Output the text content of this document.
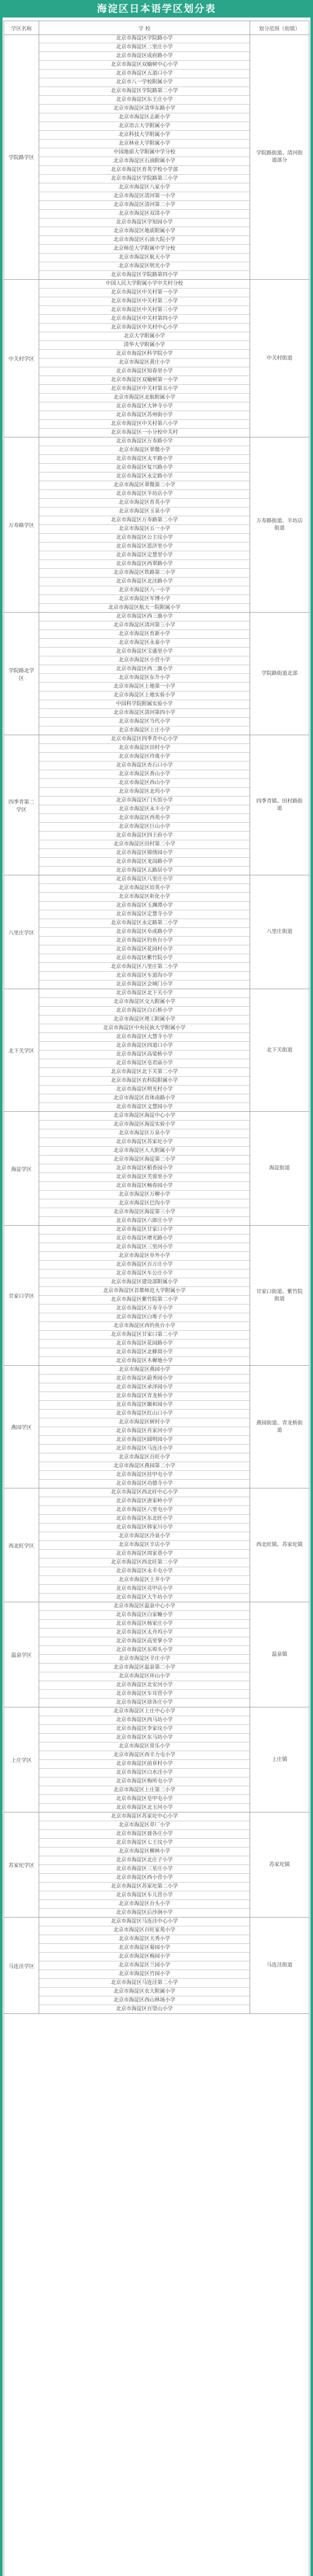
海淀区日本语学区划分表
学区名称	学 校	划分范围（街镇）
学院路学区
北京市海淀区学院路小学
北京市海淀区二里庄小学
北京市海淀区成府路小学
北京市海淀区双榆树中心小学
北京市海淀区五道口小学
北京市八一学校附属小学
北京市海淀区学院路第二小学
北京市海淀区东王庄小学
北京市海淀区清华东路小学
北京市海淀区志新小学
北京语言大学附属小学
北京科技大学附属小学
北京林业大学附属小学
中国地质大学附属中学分校
北京市海淀区石油附属小学
北京市海淀区育英学校小学部
北京市海淀区学院路第三小学
北京市海淀区八家小学
北京市海淀区清河第一小学
北京市海淀区清河第二小学
北京市海淀区双清小学
北京市海淀区学知园小学
北京市海淀区地质附属小学
北京市海淀区石油大院小学
北京师范大学附属中学分校
北京市海淀区航天小学
北京市海淀区明光小学
北京市海淀区学院路第四小学
学院路街道、清河街道部分
中关村学区
中国人民大学附属小学中关村分校
北京市海淀区中关村第一小学
北京市海淀区中关村第二小学
北京市海淀区中关村第三小学
北京市海淀区中关村第四小学
北京市海淀区中关村中心小学
北京大学附属小学
清华大学附属小学
北京市海淀区科学院小学
北京市海淀区黄庄小学
北京市海淀区知春里小学
北京市海淀区双榆树第一小学
北京市海淀区中关村第五小学
北京市海淀区北航附属小学
北京市海淀区大钟寺小学
北京市海淀区苏州街小学
北京市海淀区中关村第六小学
北京市海淀区一小分校中关村
中关村街道
万寿路学区
北京市海淀区万寿路小学
北京市海淀区翠微小学
北京市海淀区太平路小学
北京市海淀区复兴路小学
北京市海淀区永定路小学
北京市海淀区翠微第二小学
北京市海淀区羊坊店小学
北京市海淀区育英小学
北京市海淀区玉泉小学
北京市海淀区万寿路第二小学
北京市海淀区五一小学
北京市海淀区公主坟小学
北京市海淀区恩济里小学
北京市海淀区定慧里小学
北京市海淀区西翠路小学
北京市海淀区铁路第二小学
北京市海淀区北洼路小学
北京市海淀区八一小学
北京市海淀区军博小学
北京市海淀区航天一院附属小学
万寿路街道、羊坊店街道
学院路北学区
北京市海淀区西三旗小学
北京市海淀区清河第三小学
北京市海淀区育新小学
北京市海淀区永泰小学
北京市海淀区宝盛里小学
北京市海淀区小营小学
北京市海淀区西二旗小学
北京市海淀区东升小学
北京市海淀区上地第一小学
北京市海淀区上地实验小学
中国科学院附属实验小学
北京市海淀区清河第四小学
北京市海淀区当代小学
北京市海淀区上庄小学
学院路街道北部
四季青第二学区
北京市海淀区四季青中心小学
北京市海淀区田村小学
北京市海淀区玲珑小学
北京市海淀区杏石口小学
北京市海淀区香山小学
北京市海淀区西山小学
北京市海淀区北坞小学
北京市海淀区门头馆小学
北京市海淀区永丰小学
北京市海淀区西苑小学
北京市海淀区巨山小学
北京市海淀区四王府小学
北京市海淀区田村第二小学
北京市海淀区锦绣园小学
北京市海淀区龙岗路小学
北京市海淀区五路居小学
四季青镇、田村路街道
八里庄学区
北京市海淀区八里庄小学
北京市海淀区培英小学
北京市海淀区彰化小学
北京市海淀区玉渊潭小学
北京市海淀区定慧寺小学
北京市海淀区永定路第二小学
北京市海淀区阜成路小学
北京市海淀区钓鱼台小学
北京市海淀区花园村小学
北京市海淀区紫竹院小学
北京市海淀区八里庄第二小学
北京市海淀区车道沟小学
北京市海淀区会城门小学
八里庄街道
北下关学区
北京市海淀区北下关小学
北京市海淀区交大附属小学
北京市海淀区白石桥小学
北京市海淀区理工附属小学
北京市海淀区中央民族大学附属小学
北京市海淀区大慧寺小学
北京市海淀区四道口小学
北京市海淀区高梁桥小学
北京市海淀区皂君庙小学
北京市海淀区北下关第二小学
北京市海淀区农科院附属小学
北京市海淀区明光村小学
北京市海淀区首体南路小学
北京市海淀区文慧园小学
北下关街道
海淀学区
北京市海淀区海淀中心小学
北京市海淀区海淀实验小学
北京市海淀区万泉小学
北京市海淀区苏家坨小学
北京市海淀区人大附属小学
北京市海淀区海淀第二小学
北京市海淀区稻香园小学
北京市海淀区芙蓉里小学
北京市海淀区畅春园小学
北京市海淀区万柳小学
北京市海淀区巴沟小学
北京市海淀区海淀第三小学
北京市海淀区六郎庄小学
海淀街道
甘家口学区
北京市海淀区甘家口小学
北京市海淀区增光路小学
北京市海淀区三里河小学
北京市海淀区阜外小学
北京市海淀区百万庄小学
北京市海淀区车公庄小学
北京市海淀区建设部附属小学
北京市海淀区首都师范大学附属小学
北京市海淀区紫竹院第二小学
北京市海淀区万寿寺小学
北京市海淀区白堆子小学
北京市海淀区西钓鱼台小学
北京市海淀区甘家口第二小学
北京市海淀区花园路小学
北京市海淀区北蜂窝小学
北京市海淀区木樨地小学
甘家口街道、紫竹院街道
燕园学区
北京市海淀区燕园小学
北京市海淀区蔚秀园小学
北京市海淀区承泽园小学
北京市海淀区青龙桥小学
北京市海淀区颐和园小学
北京市海淀区红山口小学
北京市海淀区树村小学
北京市海淀区肖家河小学
北京市海淀区圆明园小学
北京市海淀区马连洼小学
北京市海淀区百旺小学
北京市海淀区燕园第二小学
北京市海淀区挂甲屯小学
北京市海淀区功德寺小学
燕园街道、青龙桥街道
西北旺学区
北京市海淀区西北旺中心小学
北京市海淀区唐家岭小学
北京市海淀区六里屯小学
北京市海淀区东北旺小学
北京市海淀区韩家川小学
北京市海淀区冷泉小学
北京市海淀区辛店小学
北京市海淀区周家巷小学
北京市海淀区西北旺第二小学
北京市海淀区永丰屯小学
北京市海淀区土井小学
北京市海淀区亮甲店小学
北京市海淀区大牛坊小学
西北旺镇、苏家坨镇
温泉学区
北京市海淀区温泉中心小学
北京市海淀区白家疃小学
北京市海淀区杨家庄小学
北京市海淀区太舟坞小学
北京市海淀区高里掌小学
北京市海淀区东埠头小学
北京市海淀区辛庄小学
北京市海淀区温泉第二小学
北京市海淀区环山小学
北京市海淀区北安河小学
北京市海淀区车耳营小学
北京市海淀区徐各庄小学
温泉镇
上庄学区
北京市海淀区上庄中心小学
北京市海淀区西马坊小学
北京市海淀区李家坟小学
北京市海淀区东马坊小学
北京市海淀区常乐小学
北京市海淀区西辛力屯小学
北京市海淀区前章村小学
北京市海淀区白水洼小学
北京市海淀区梅所屯小学
北京市海淀区上庄第二小学
北京市海淀区皂甲屯小学
北京市海淀区北玉河小学
上庄镇
苏家坨学区
北京市海淀区苏家坨中心小学
北京市海淀区草厂小学
北京市海淀区聂各庄小学
北京市海淀区七王坟小学
北京市海淀区柳林小学
北京市海淀区北庄子小学
北京市海淀区三星庄小学
北京市海淀区西小营小学
北京市海淀区苏家坨第二小学
北京市海淀区车儿营小学
北京市海淀区台头小学
北京市海淀区后沙涧小学
苏家坨镇
马连洼学区
北京市海淀区马连洼中心小学
北京市海淀区百旺家苑小学
北京市海淀区天秀小学
北京市海淀区菊园小学
北京市海淀区梅园小学
北京市海淀区兰园小学
北京市海淀区竹园小学
北京市海淀区马连洼第二小学
北京市海淀区农大附属小学
北京市海淀区西山林场小学
北京市海淀区百望山小学
马连洼街道
